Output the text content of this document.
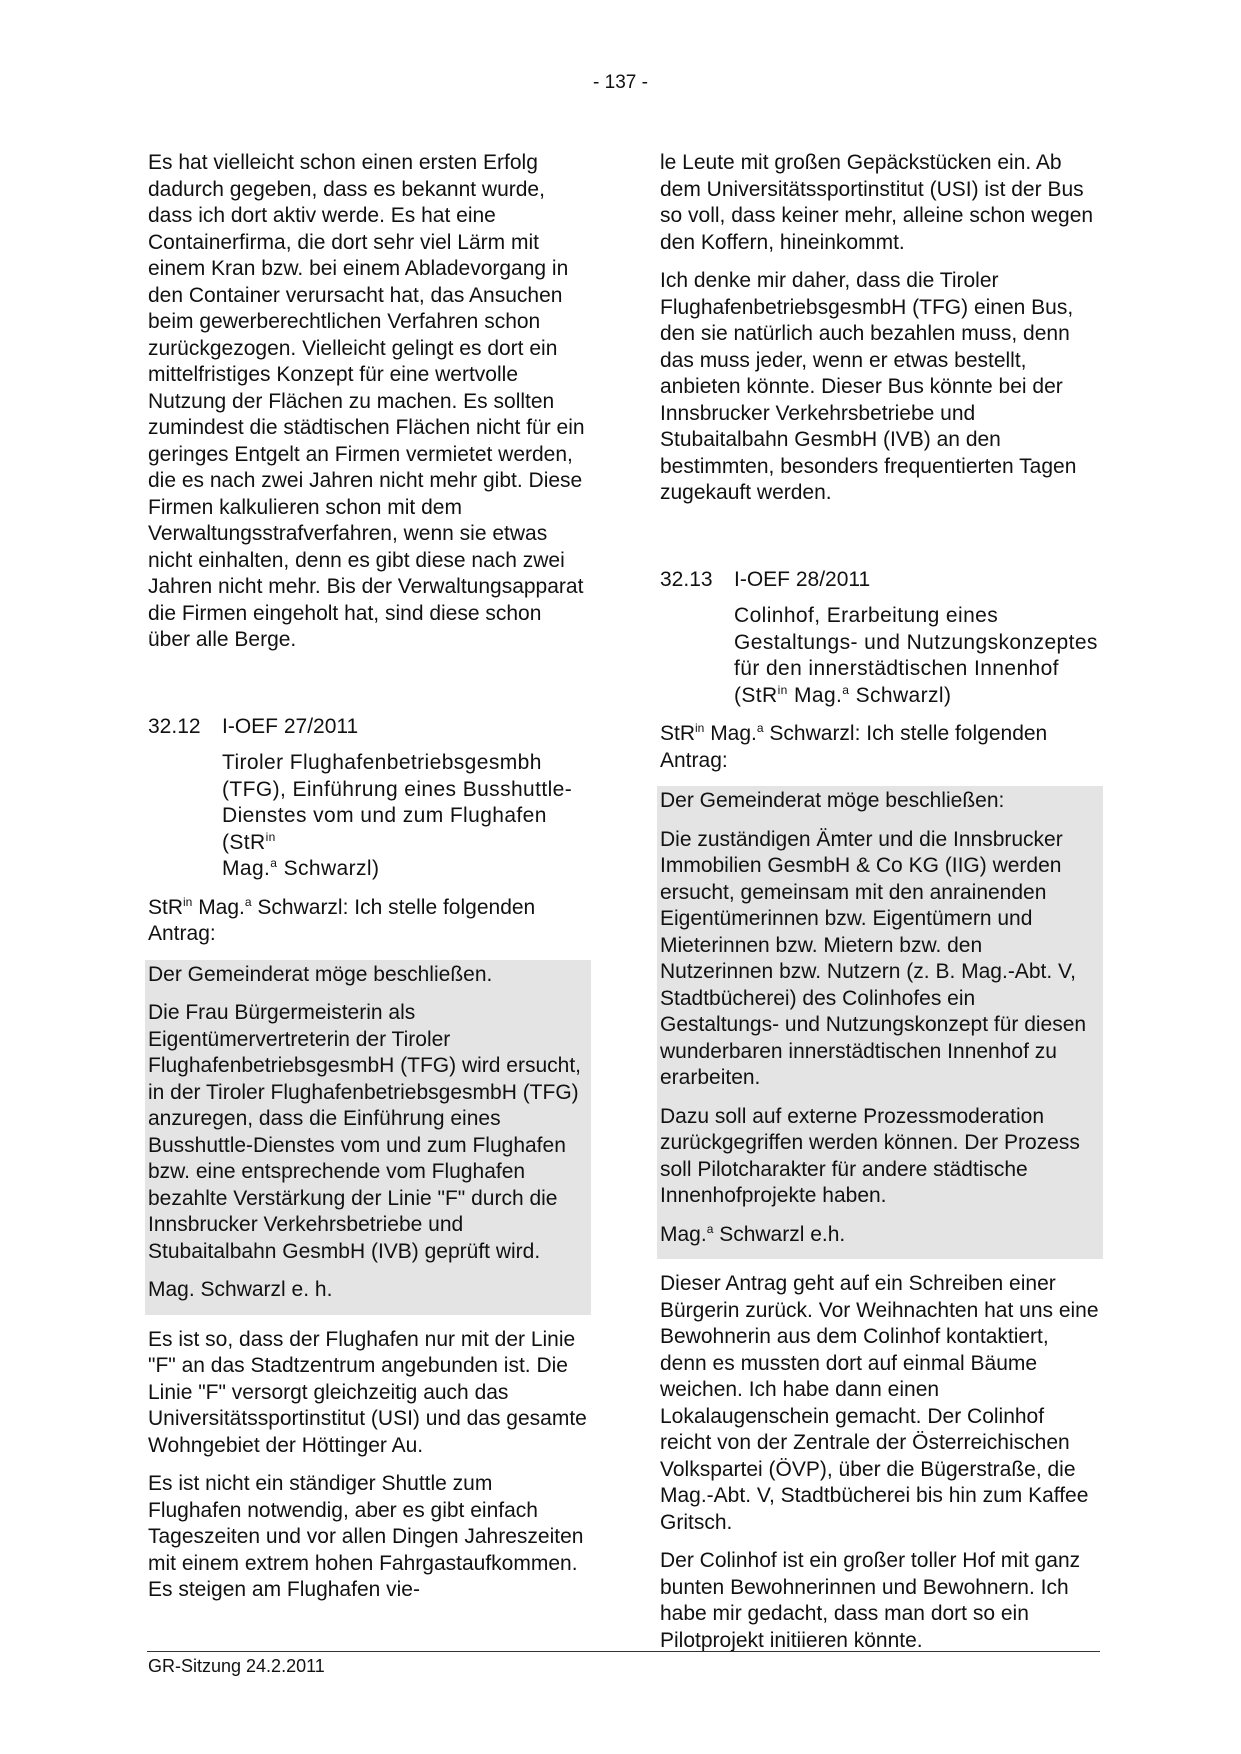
- 137 -

Es hat vielleicht schon einen ersten Erfolg dadurch gegeben, dass es bekannt wurde, dass ich dort aktiv werde. Es hat eine Containerfirma, die dort sehr viel Lärm mit einem Kran bzw. bei einem Abladevorgang in den Container verursacht hat, das Ansuchen beim gewerberechtlichen Verfahren schon zurückgezogen. Vielleicht gelingt es dort ein mittelfristiges Konzept für eine wertvolle Nutzung der Flächen zu machen. Es sollten zumindest die städtischen Flächen nicht für ein geringes Entgelt an Firmen vermietet werden, die es nach zwei Jahren nicht mehr gibt. Diese Firmen kalkulieren schon mit dem Verwaltungsstrafverfahren, wenn sie etwas nicht einhalten, denn es gibt diese nach zwei Jahren nicht mehr. Bis der Verwaltungsapparat die Firmen eingeholt hat, sind diese schon über alle Berge.

32.12	I-OEF 27/2011
Tiroler Flughafenbetriebsgesmbh (TFG), Einführung eines Busshuttle-Dienstes vom und zum Flughafen (StR$^{in}$
Mag.$^a$ Schwarzl)

StR$^{in}$ Mag.$^a$ Schwarzl: Ich stelle folgenden Antrag:

Der Gemeinderat möge beschließen.

Die Frau Bürgermeisterin als Eigentümervertreterin der Tiroler FlughafenbetriebsgesmbH (TFG) wird ersucht, in der Tiroler FlughafenbetriebsgesmbH (TFG) anzuregen, dass die Einführung eines Busshuttle-Dienstes vom und zum Flughafen bzw. eine entsprechende vom Flughafen bezahlte Verstärkung der Linie "F" durch die Innsbrucker Verkehrsbetriebe und Stubaitalbahn GesmbH (IVB) geprüft wird.

Mag. Schwarzl e. h.

Es ist so, dass der Flughafen nur mit der Linie "F" an das Stadtzentrum angebunden ist. Die Linie "F" versorgt gleichzeitig auch das Universitätssportinstitut (USI) und das gesamte Wohngebiet der Höttinger Au.

Es ist nicht ein ständiger Shuttle zum Flughafen notwendig, aber es gibt einfach Tageszeiten und vor allen Dingen Jahreszeiten mit einem extrem hohen Fahrgastaufkommen. Es steigen am Flughafen vie-

le Leute mit großen Gepäckstücken ein. Ab dem Universitätssportinstitut (USI) ist der Bus so voll, dass keiner mehr, alleine schon wegen den Koffern, hineinkommt.

Ich denke mir daher, dass die Tiroler FlughafenbetriebsgesmbH (TFG) einen Bus, den sie natürlich auch bezahlen muss, denn das muss jeder, wenn er etwas bestellt, anbieten könnte. Dieser Bus könnte bei der Innsbrucker Verkehrsbetriebe und Stubaitalbahn GesmbH (IVB) an den bestimmten, besonders frequentierten Tagen zugekauft werden.

32.13	I-OEF 28/2011
Colinhof, Erarbeitung eines Gestaltungs- und Nutzungskonzeptes für den innerstädtischen Innenhof (StR$^{in}$ Mag.$^a$ Schwarzl)

StR$^{in}$ Mag.$^a$ Schwarzl: Ich stelle folgenden Antrag:

Der Gemeinderat möge beschließen:

Die zuständigen Ämter und die Innsbrucker Immobilien GesmbH & Co KG (IIG) werden ersucht, gemeinsam mit den anrainenden Eigentümerinnen bzw. Eigentümern und Mieterinnen bzw. Mietern bzw. den Nutzerinnen bzw. Nutzern (z. B. Mag.-Abt. V, Stadtbücherei) des Colinhofes ein Gestaltungs- und Nutzungskonzept für diesen wunderbaren innerstädtischen Innenhof zu erarbeiten.

Dazu soll auf externe Prozessmoderation zurückgegriffen werden können. Der Prozess soll Pilotcharakter für andere städtische Innenhofprojekte haben.

Mag.$^a$ Schwarzl e.h.

Dieser Antrag geht auf ein Schreiben einer Bürgerin zurück. Vor Weihnachten hat uns eine Bewohnerin aus dem Colinhof kontaktiert, denn es mussten dort auf einmal Bäume weichen. Ich habe dann einen Lokalaugenschein gemacht. Der Colinhof reicht von der Zentrale der Österreichischen Volkspartei (ÖVP), über die Bügerstraße, die Mag.-Abt. V, Stadtbücherei bis hin zum Kaffee Gritsch.

Der Colinhof ist ein großer toller Hof mit ganz bunten Bewohnerinnen und Bewohnern. Ich habe mir gedacht, dass man dort so ein Pilotprojekt initiieren könnte.

GR-Sitzung 24.2.2011
